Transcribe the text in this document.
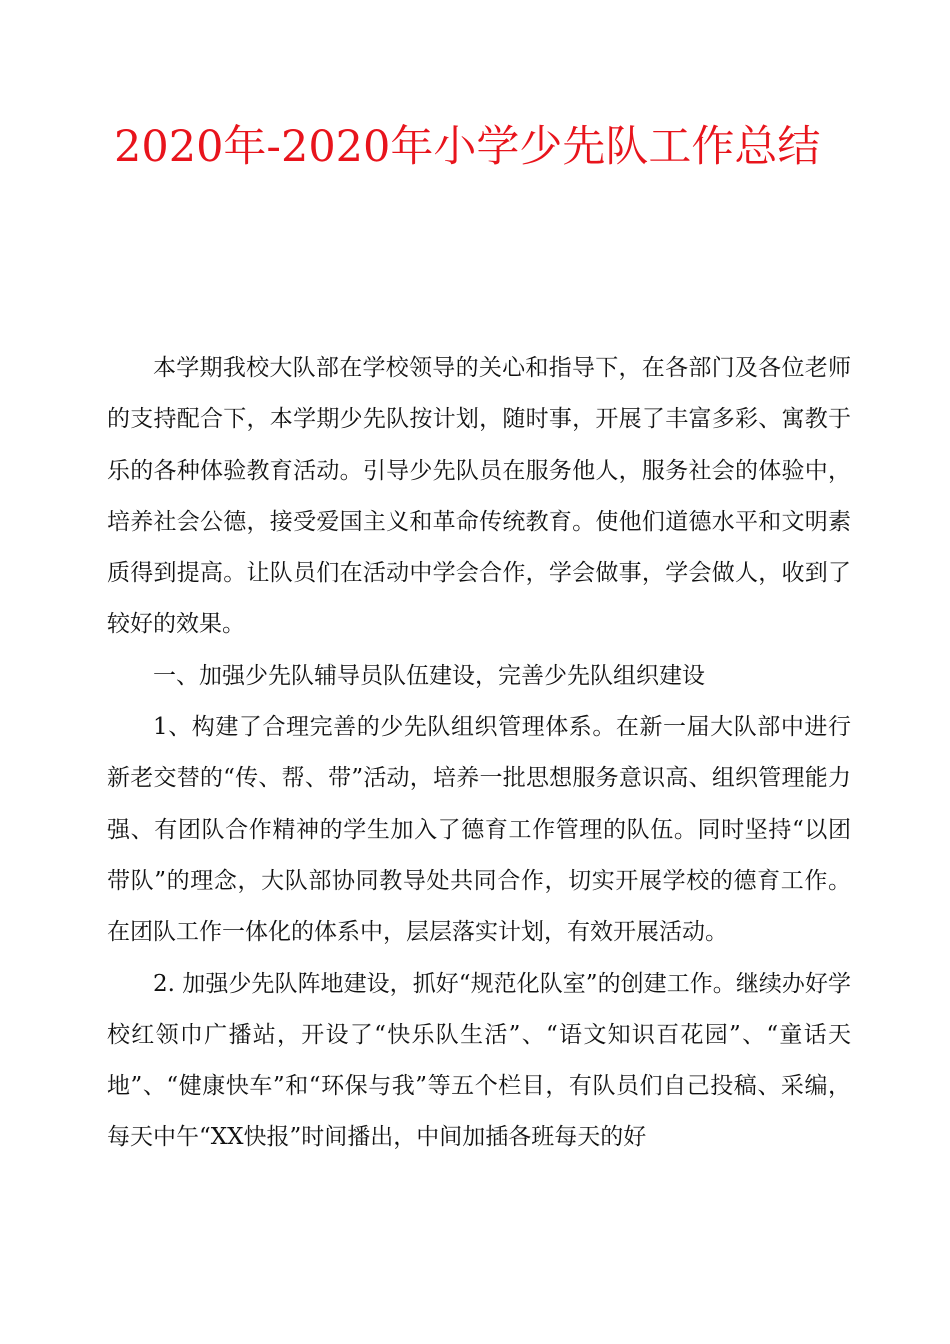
2020年-2020年小学少先队工作总结

本学期我校大队部在学校领导的关心和指导下，在各部门及各位老师的支持配合下，本学期少先队按计划，随时事，开展了丰富多彩、寓教于乐的各种体验教育活动。引导少先队员在服务他人，服务社会的体验中，培养社会公德，接受爱国主义和革命传统教育。使他们道德水平和文明素质得到提高。让队员们在活动中学会合作，学会做事，学会做人，收到了较好的效果。

一、加强少先队辅导员队伍建设，完善少先队组织建设

1、构建了合理完善的少先队组织管理体系。在新一届大队部中进行新老交替的“传、帮、带”活动，培养一批思想服务意识高、组织管理能力强、有团队合作精神的学生加入了德育工作管理的队伍。同时坚持“以团带队”的理念，大队部协同教导处共同合作，切实开展学校的德育工作。在团队工作一体化的体系中，层层落实计划，有效开展活动。

2. 加强少先队阵地建设，抓好“规范化队室”的创建工作。继续办好学校红领巾广播站，开设了“快乐队生活”、“语文知识百花园”、“童话天地”、“健康快车”和“环保与我”等五个栏目，有队员们自己投稿、采编，每天中午“XX快报”时间播出，中间加插各班每天的好
